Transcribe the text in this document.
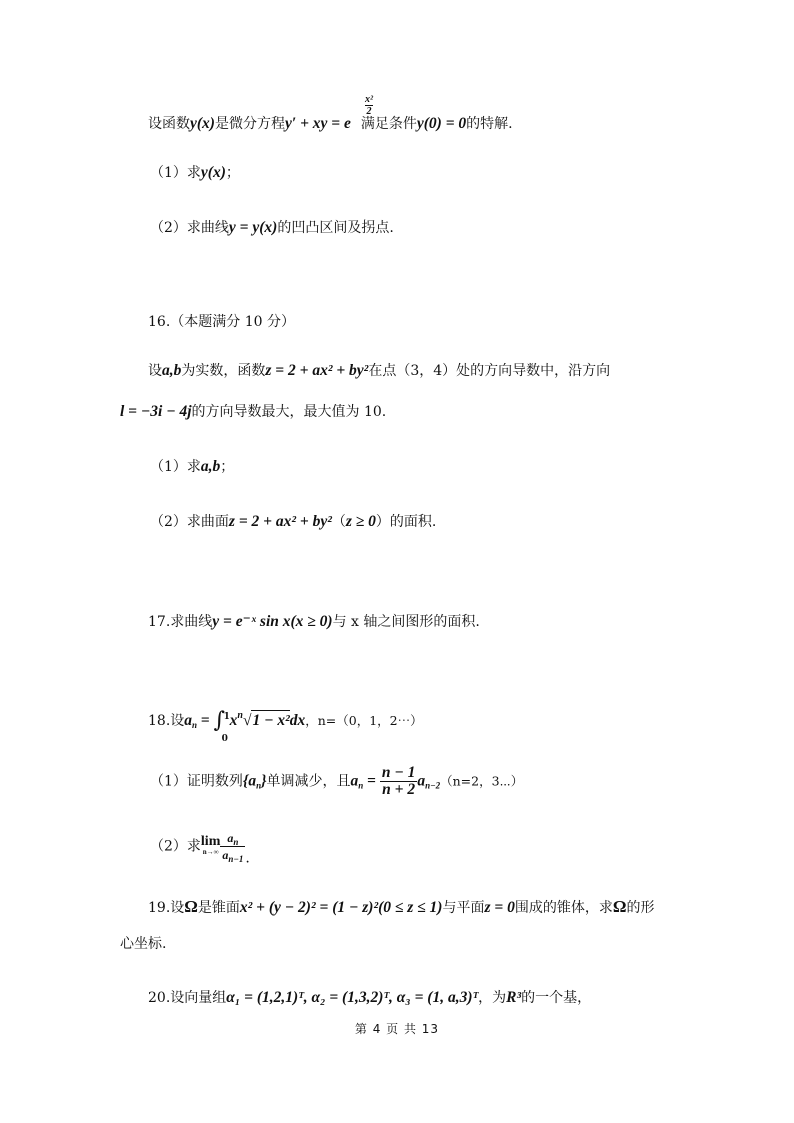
设函数y(x)是微分方程y′ + xy = e
$\frac{\text{x²}}{2}$
满足条件y(0) = 0的特解.
（1）求y(x)；
（2）求曲线y = y(x)的凹凸区间及拐点.
16.（本题满分 10 分）
设a,b为实数，函数z = 2 + ax² + by²在点（3，4）处的方向导数中，沿方向
l = −3i − 4j的方向导数最大，最大值为 10.
（1）求a,b；
（2）求曲面z = 2 + ax² + by²（z ≥ 0）的面积.
17.求曲线y = e⁻ˣ sin x(x ≥ 0)与 x 轴之间图形的面积.
18.设$a_n$ = ∫
1
0
$x^n√1 - x^2dx$，n=（0，1，2⋯）
（1）证明数列$\{a_n\}$单调减少，且$a_n = \frac{n - 1}{n + 2} a_{n-2}(n=2$，3⋯）
（2）求 lim
$n\to\infty \frac{a_n}{a_{n-1}}$ .
19.设Ω是锥面x² + (y − 2)² = (1 − z)²(0 ≤ z ≤ 1)与平面z = 0围成的锥体，求Ω的形
心坐标.
20.设向量组α₁ = (1,2,1)ᵀ, α₂ = (1,3,2)ᵀ, α₃ = (1, a,3)ᵀ，为R³的一个基，
第 4 页 共 13
